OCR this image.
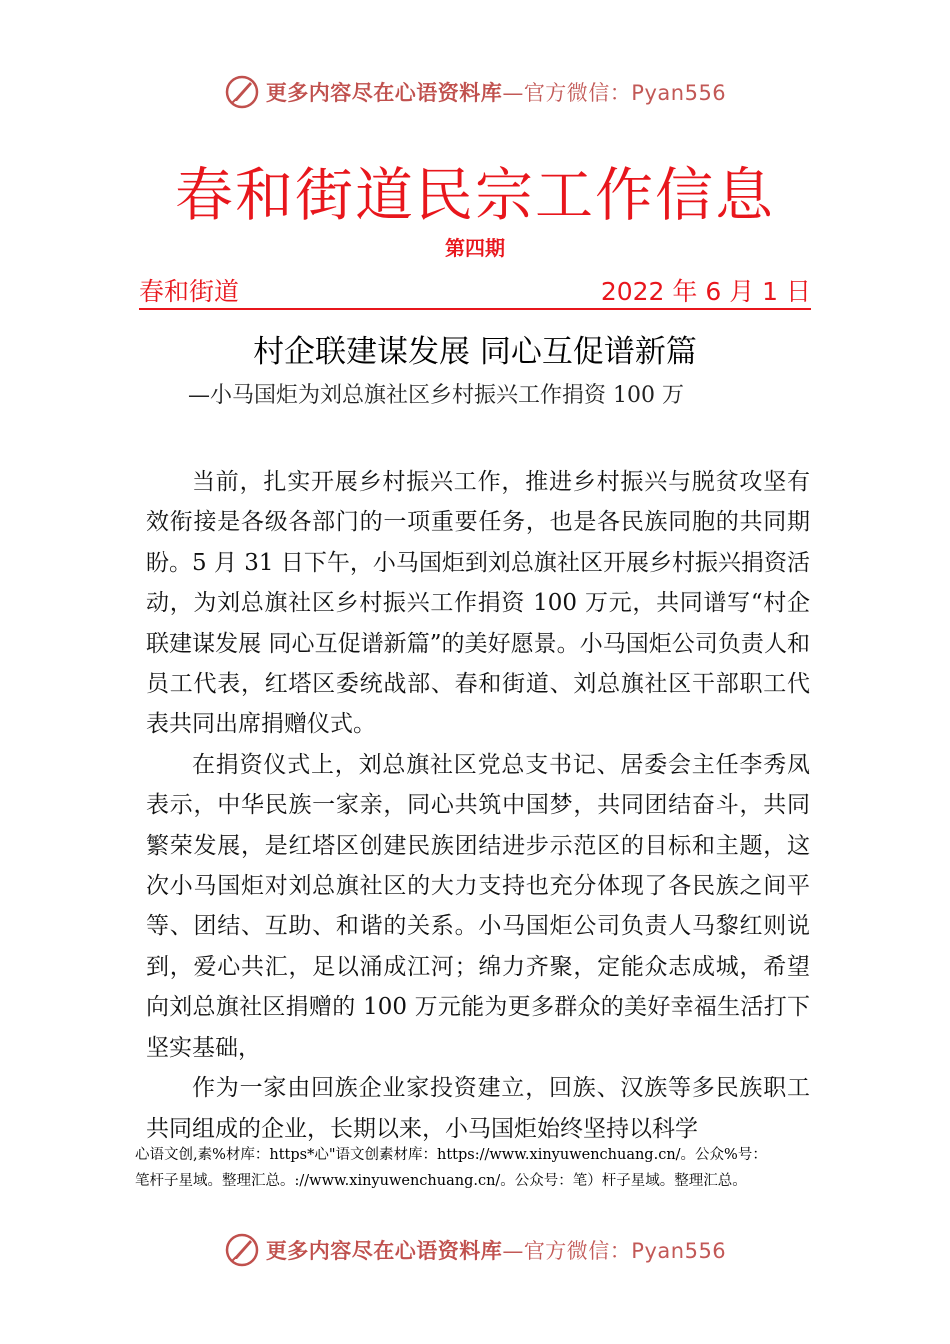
更多内容尽在心语资料库—官方微信：Pyan556
春和街道民宗工作信息
第四期
春和街道	2022 年 6 月 1 日
村企联建谋发展 同心互促谱新篇
—小马国炬为刘总旗社区乡村振兴工作捐资 100 万

当前，扎实开展乡村振兴工作，推进乡村振兴与脱贫攻坚有效衔接是各级各部门的一项重要任务，也是各民族同胞的共同期盼。5 月 31 日下午，小马国炬到刘总旗社区开展乡村振兴捐资活动，为刘总旗社区乡村振兴工作捐资 100 万元，共同谱写“村企联建谋发展 同心互促谱新篇”的美好愿景。小马国炬公司负责人和员工代表，红塔区委统战部、春和街道、刘总旗社区干部职工代表共同出席捐赠仪式。

在捐资仪式上，刘总旗社区党总支书记、居委会主任李秀凤表示，中华民族一家亲，同心共筑中国梦，共同团结奋斗，共同繁荣发展，是红塔区创建民族团结进步示范区的目标和主题，这次小马国炬对刘总旗社区的大力支持也充分体现了各民族之间平等、团结、互助、和谐的关系。小马国炬公司负责人马黎红则说到，爱心共汇，足以涌成江河；绵力齐聚，定能众志成城，希望向刘总旗社区捐赠的 100 万元能为更多群众的美好幸福生活打下坚实基础，

作为一家由回族企业家投资建立，回族、汉族等多民族职工共同组成的企业，长期以来，小马国炬始终坚持以科学

心语文创,素%材库：https*心"语文创素材库：https://www.xinyuwenchuang.cn/。公众%号：
笔杆子星域。整理汇总。://www.xinyuwenchuang.cn/。公众号：笔）杆子星域。整理汇总。
更多内容尽在心语资料库—官方微信：Pyan556
